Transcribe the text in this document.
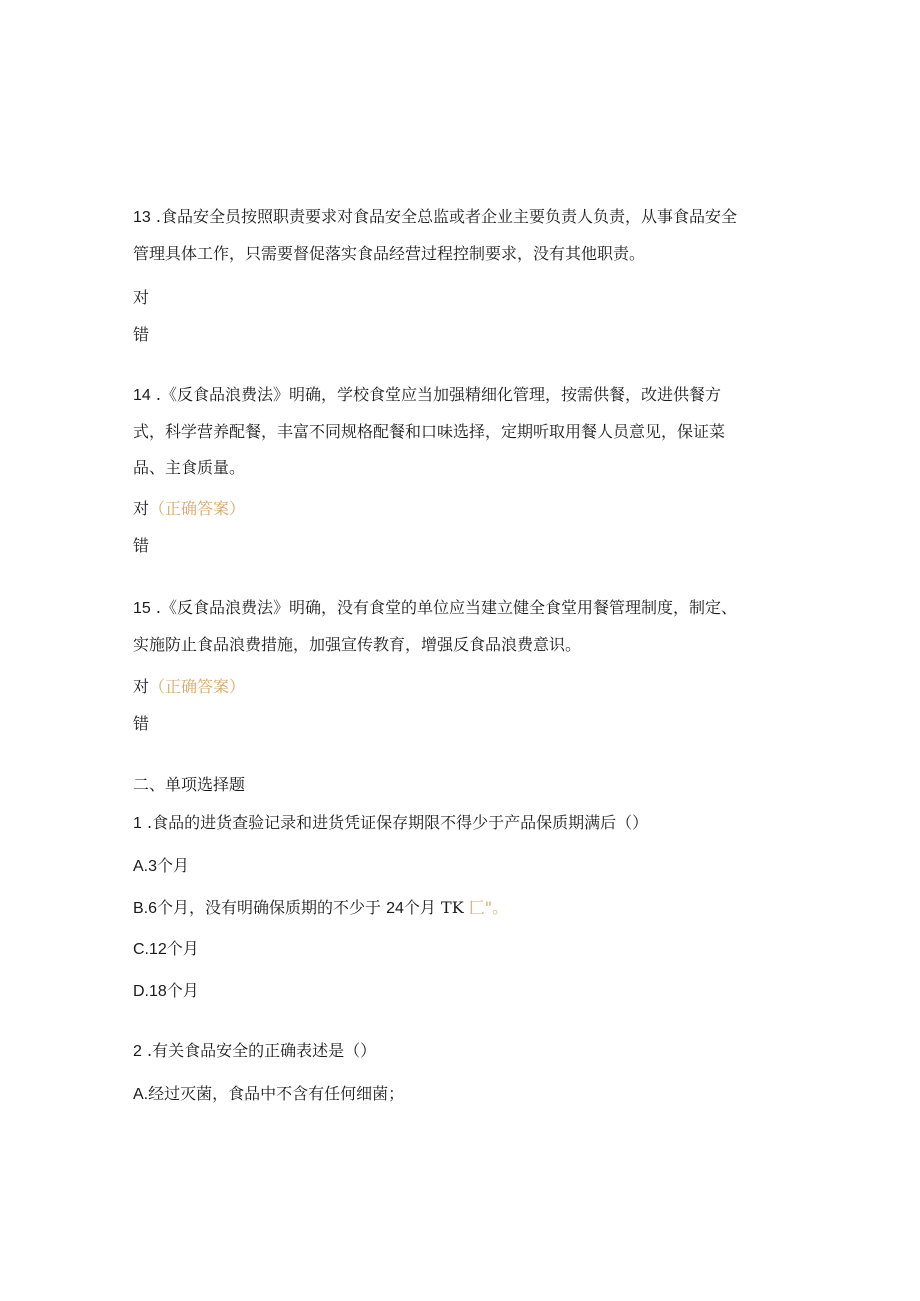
13 .食品安全员按照职责要求对食品安全总监或者企业主要负责人负责，从事食品安全
管理具体工作，只需要督促落实食品经营过程控制要求，没有其他职责。
对
错
14 .《反食品浪费法》明确，学校食堂应当加强精细化管理，按需供餐，改进供餐方
式，科学营养配餐，丰富不同规格配餐和口味选择，定期听取用餐人员意见，保证菜
品、主食质量。
对（正确答案）
错
15 .《反食品浪费法》明确，没有食堂的单位应当建立健全食堂用餐管理制度，制定、
实施防止食品浪费措施，加强宣传教育，增强反食品浪费意识。
对（正确答案）
错
二、单项选择题
1 .食品的进货查验记录和进货凭证保存期限不得少于产品保质期满后（）
A.3个月
B.6个月，没有明确保质期的不少于 24个月 TK 匚"。
C.12个月
D.18个月
2 .有关食品安全的正确表述是（）
A.经过灭菌，食品中不含有任何细菌；
